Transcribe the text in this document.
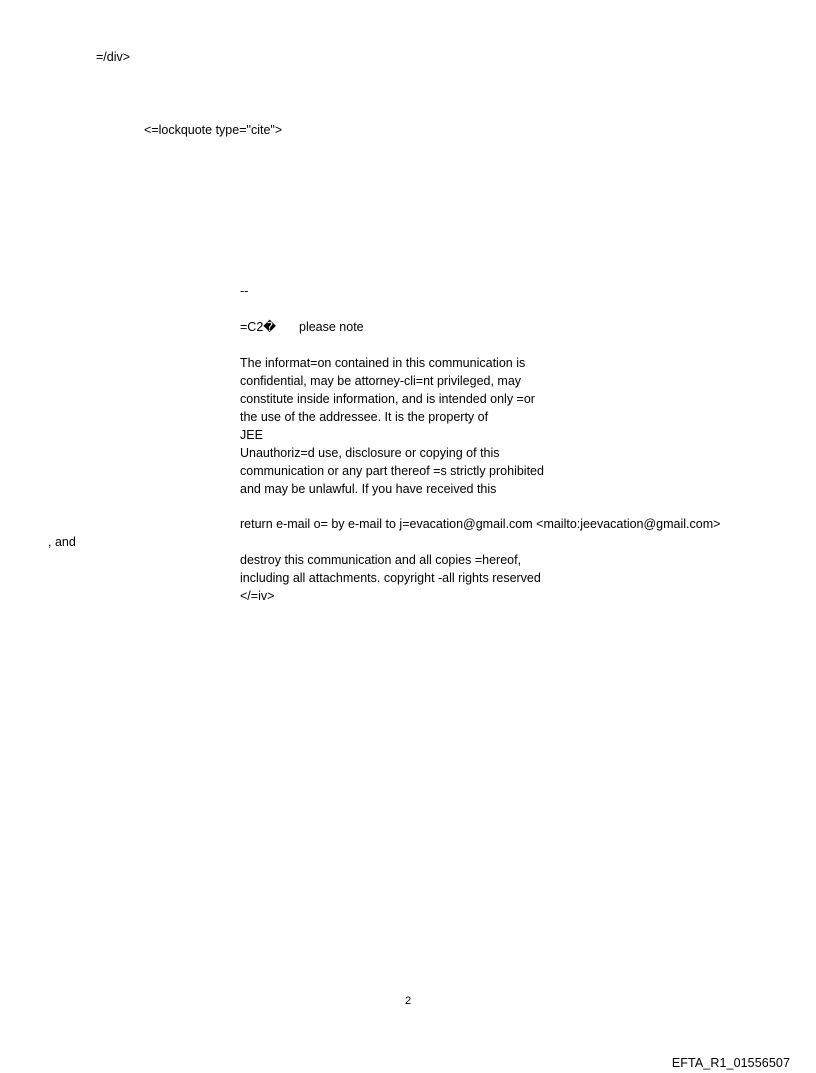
=/div>

<=lockquote type="cite">

--

=C2� please note

The informat=on contained in this communication is
confidential, may be attorney-cli=nt privileged, may
constitute inside information, and is intended only =or
the use of the addressee. It is the property of
JEE
Unauthoriz=d use, disclosure or copying of this
communication or any part thereof =s strictly prohibited
and may be unlawful. If you have received this

return e-mail o= by e-mail to j=evacation@gmail.com <mailto:jeevacation@gmail.com>

, and

destroy this communication and all copies =hereof,
including all attachments. copyright -all rights reserved
</=iv>
2
EFTA_R1_01556507
